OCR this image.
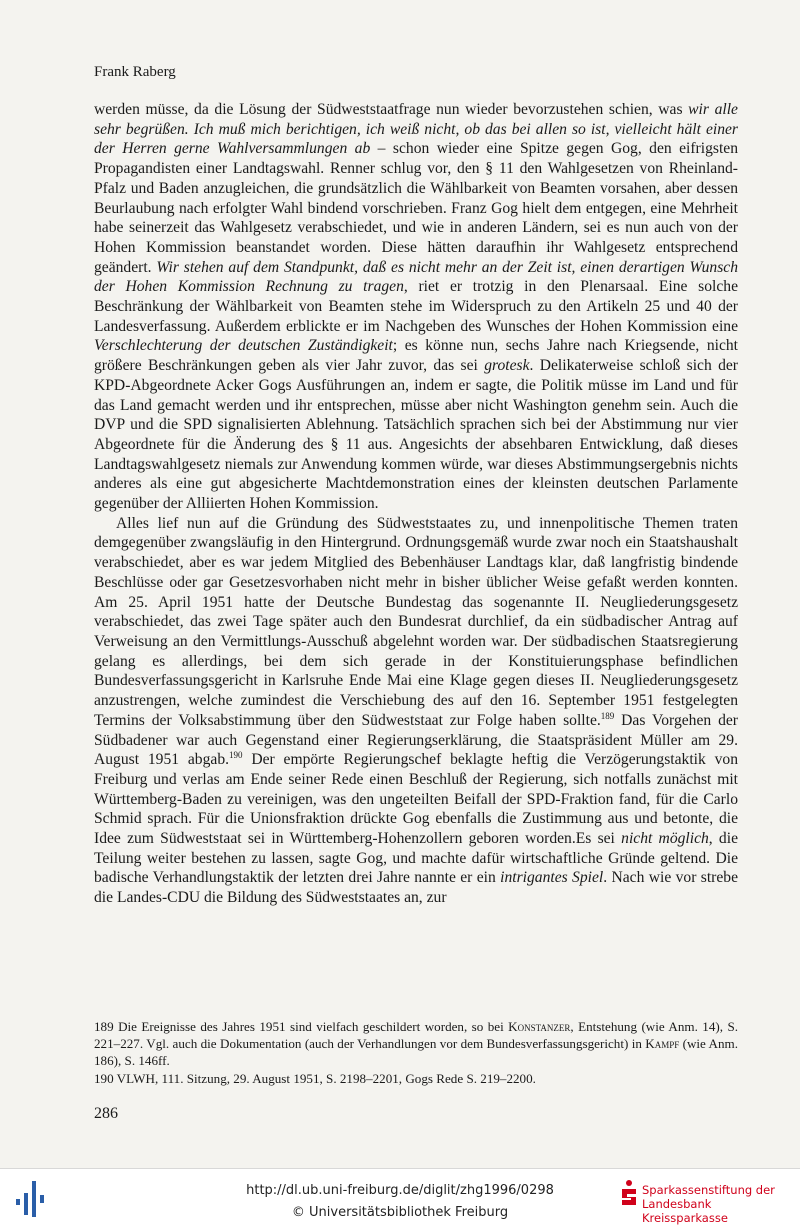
Frank Raberg

werden müsse, da die Lösung der Südweststaatfrage nun wieder bevorzustehen schien, was wir alle sehr begrüßen. Ich muß mich berichtigen, ich weiß nicht, ob das bei allen so ist, vielleicht hält einer der Herren gerne Wahlversammlungen ab – schon wieder eine Spitze gegen Gog, den eifrigsten Propagandisten einer Landtagswahl. Renner schlug vor, den § 11 den Wahlgesetzen von Rheinland-Pfalz und Baden anzugleichen, die grundsätzlich die Wählbarkeit von Beamten vorsahen, aber dessen Beurlaubung nach erfolgter Wahl bindend vorschrieben. Franz Gog hielt dem entgegen, eine Mehrheit habe seinerzeit das Wahlgesetz verabschiedet, und wie in anderen Ländern, sei es nun auch von der Hohen Kommission beanstandet worden. Diese hätten daraufhin ihr Wahlgesetz entsprechend geändert. Wir stehen auf dem Standpunkt, daß es nicht mehr an der Zeit ist, einen derartigen Wunsch der Hohen Kommission Rechnung zu tragen, riet er trotzig in den Plenarsaal. Eine solche Beschränkung der Wählbarkeit von Beamten stehe im Widerspruch zu den Artikeln 25 und 40 der Landesverfassung. Außerdem erblickte er im Nachgeben des Wunsches der Hohen Kommission eine Verschlechterung der deutschen Zuständigkeit; es könne nun, sechs Jahre nach Kriegsende, nicht größere Beschränkungen geben als vier Jahr zuvor, das sei grotesk. Delikaterweise schloß sich der KPD-Abgeordnete Acker Gogs Ausführungen an, indem er sagte, die Politik müsse im Land und für das Land gemacht werden und ihr entsprechen, müsse aber nicht Washington genehm sein. Auch die DVP und die SPD signalisierten Ablehnung. Tatsächlich sprachen sich bei der Abstimmung nur vier Abgeordnete für die Änderung des § 11 aus. Angesichts der absehbaren Entwicklung, daß dieses Landtagswahlgesetz niemals zur Anwendung kommen würde, war dieses Abstimmungsergebnis nichts anderes als eine gut abgesicherte Machtdemonstration eines der kleinsten deutschen Parlamente gegenüber der Alliierten Hohen Kommission.

Alles lief nun auf die Gründung des Südweststaates zu, und innenpolitische Themen traten demgegenüber zwangsläufig in den Hintergrund. Ordnungsgemäß wurde zwar noch ein Staatshaushalt verabschiedet, aber es war jedem Mitglied des Bebenhäuser Landtags klar, daß langfristig bindende Beschlüsse oder gar Gesetzesvorhaben nicht mehr in bisher üblicher Weise gefaßt werden konnten. Am 25. April 1951 hatte der Deutsche Bundestag das sogenannte II. Neugliederungsgesetz verabschiedet, das zwei Tage später auch den Bundesrat durchlief, da ein südbadischer Antrag auf Verweisung an den Vermittlungs-Ausschuß abgelehnt worden war. Der südbadischen Staatsregierung gelang es allerdings, bei dem sich gerade in der Konstituierungsphase befindlichen Bundesverfassungsgericht in Karlsruhe Ende Mai eine Klage gegen dieses II. Neugliederungsgesetz anzustrengen, welche zumindest die Verschiebung des auf den 16. September 1951 festgelegten Termins der Volksabstimmung über den Südweststaat zur Folge haben sollte.$^{189}$ Das Vorgehen der Südbadener war auch Gegenstand einer Regierungserklärung, die Staatspräsident Müller am 29. August 1951 abgab.$^{190}$ Der empörte Regierungschef beklagte heftig die Verzögerungstaktik von Freiburg und verlas am Ende seiner Rede einen Beschluß der Regierung, sich notfalls zunächst mit Württemberg-Baden zu vereinigen, was den ungeteilten Beifall der SPD-Fraktion fand, für die Carlo Schmid sprach. Für die Unionsfraktion drückte Gog ebenfalls die Zustimmung aus und betonte, die Idee zum Südweststaat sei in Württemberg-Hohenzollern geboren worden.Es sei nicht möglich, die Teilung weiter bestehen zu lassen, sagte Gog, und machte dafür wirtschaftliche Gründe geltend. Die badische Verhandlungstaktik der letzten drei Jahre nannte er ein intrigantes Spiel. Nach wie vor strebe die Landes-CDU die Bildung des Südweststaates an, zur

189 Die Ereignisse des Jahres 1951 sind vielfach geschildert worden, so bei Konstanzer, Entstehung (wie Anm. 14), S. 221–227. Vgl. auch die Dokumentation (auch der Verhandlungen vor dem Bundesverfassungsgericht) in Kampf (wie Anm. 186), S. 146ff.

190 VLWH, 111. Sitzung, 29. August 1951, S. 2198–2201, Gogs Rede S. 219–2200.

286
http://dl.ub.uni-freiburg.de/diglit/zhg1996/0298
© Universitätsbibliothek Freiburg
Sparkassenstiftung der
Landesbank Kreissparkasse
